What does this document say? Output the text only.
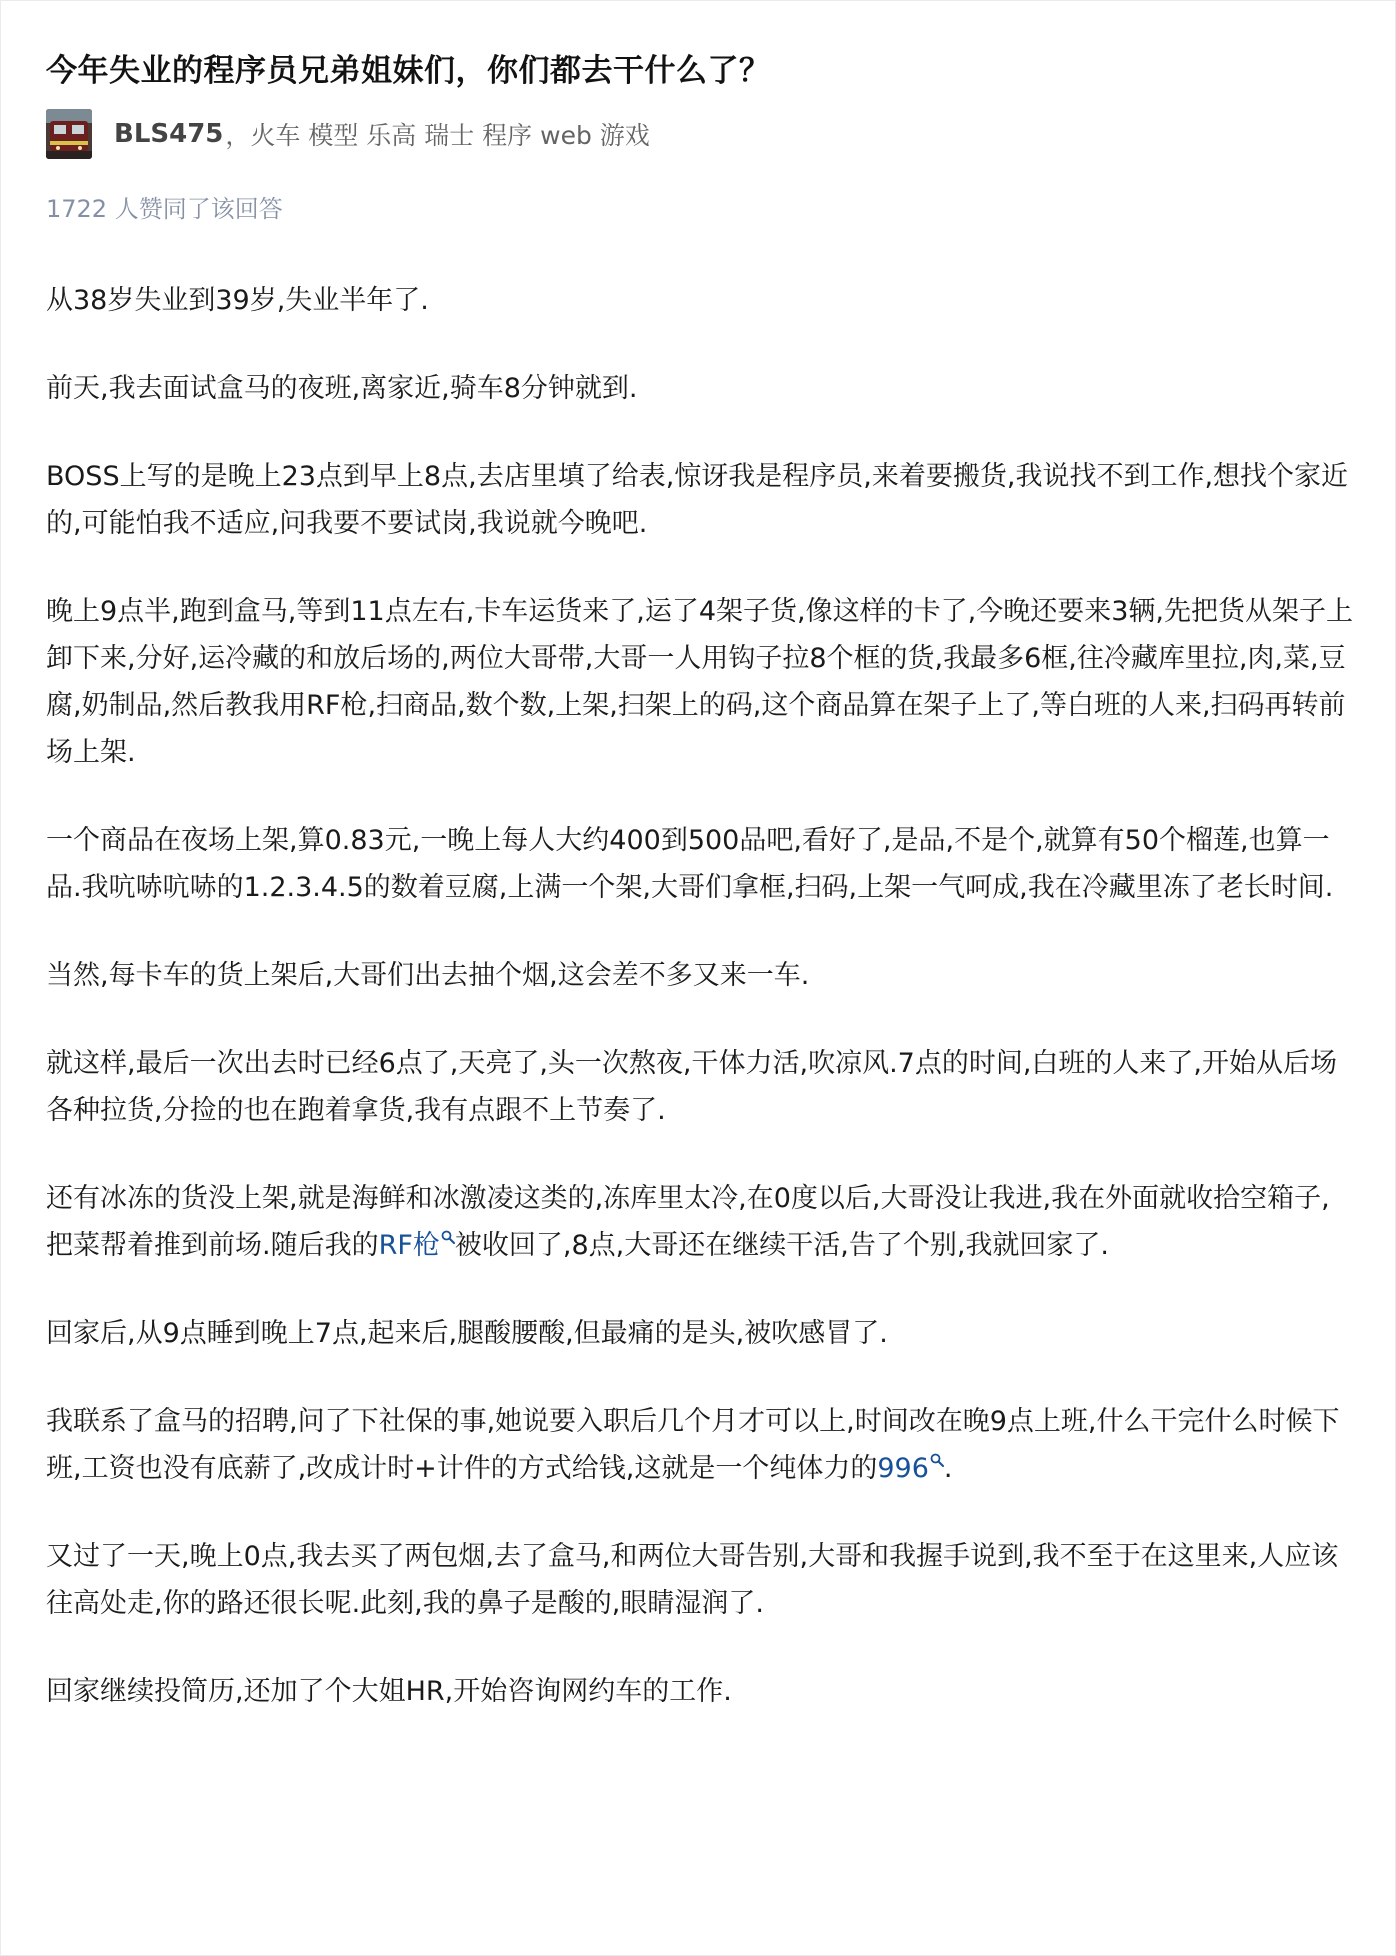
今年失业的程序员兄弟姐妹们，你们都去干什么了？
BLS475 ，火车 模型 乐高 瑞士 程序 web 游戏
1722 人赞同了该回答

从38岁失业到39岁,失业半年了.

前天,我去面试盒马的夜班,离家近,骑车8分钟就到.

BOSS上写的是晚上23点到早上8点,去店里填了给表,惊讶我是程序员,来着要搬货,我说找不到工作,想找个家近的,可能怕我不适应,问我要不要试岗,我说就今晚吧.

晚上9点半,跑到盒马,等到11点左右,卡车运货来了,运了4架子货,像这样的卡了,今晚还要来3辆,先把货从架子上卸下来,分好,运冷藏的和放后场的,两位大哥带,大哥一人用钩子拉8个框的货,我最多6框,往冷藏库里拉,肉,菜,豆腐,奶制品,然后教我用RF枪,扫商品,数个数,上架,扫架上的码,这个商品算在架子上了,等白班的人来,扫码再转前场上架.

一个商品在夜场上架,算0.83元,一晚上每人大约400到500品吧,看好了,是品,不是个,就算有50个榴莲,也算一品.我吭哧吭哧的1.2.3.4.5的数着豆腐,上满一个架,大哥们拿框,扫码,上架一气呵成,我在冷藏里冻了老长时间.

当然,每卡车的货上架后,大哥们出去抽个烟,这会差不多又来一车.

就这样,最后一次出去时已经6点了,天亮了,头一次熬夜,干体力活,吹凉风.7点的时间,白班的人来了,开始从后场各种拉货,分捡的也在跑着拿货,我有点跟不上节奏了.

还有冰冻的货没上架,就是海鲜和冰激凌这类的,冻库里太冷,在0度以后,大哥没让我进,我在外面就收拾空箱子,把菜帮着推到前场.随后我的RF枪 被收回了,8点,大哥还在继续干活,告了个别,我就回家了.

回家后,从9点睡到晚上7点,起来后,腿酸腰酸,但最痛的是头,被吹感冒了.

我联系了盒马的招聘,问了下社保的事,她说要入职后几个月才可以上,时间改在晚9点上班,什么干完什么时候下班,工资也没有底薪了,改成计时+计件的方式给钱,这就是一个纯体力的996 .

又过了一天,晚上0点,我去买了两包烟,去了盒马,和两位大哥告别,大哥和我握手说到,我不至于在这里来,人应该往高处走,你的路还很长呢.此刻,我的鼻子是酸的,眼睛湿润了.

回家继续投简历,还加了个大姐HR,开始咨询网约车的工作.
